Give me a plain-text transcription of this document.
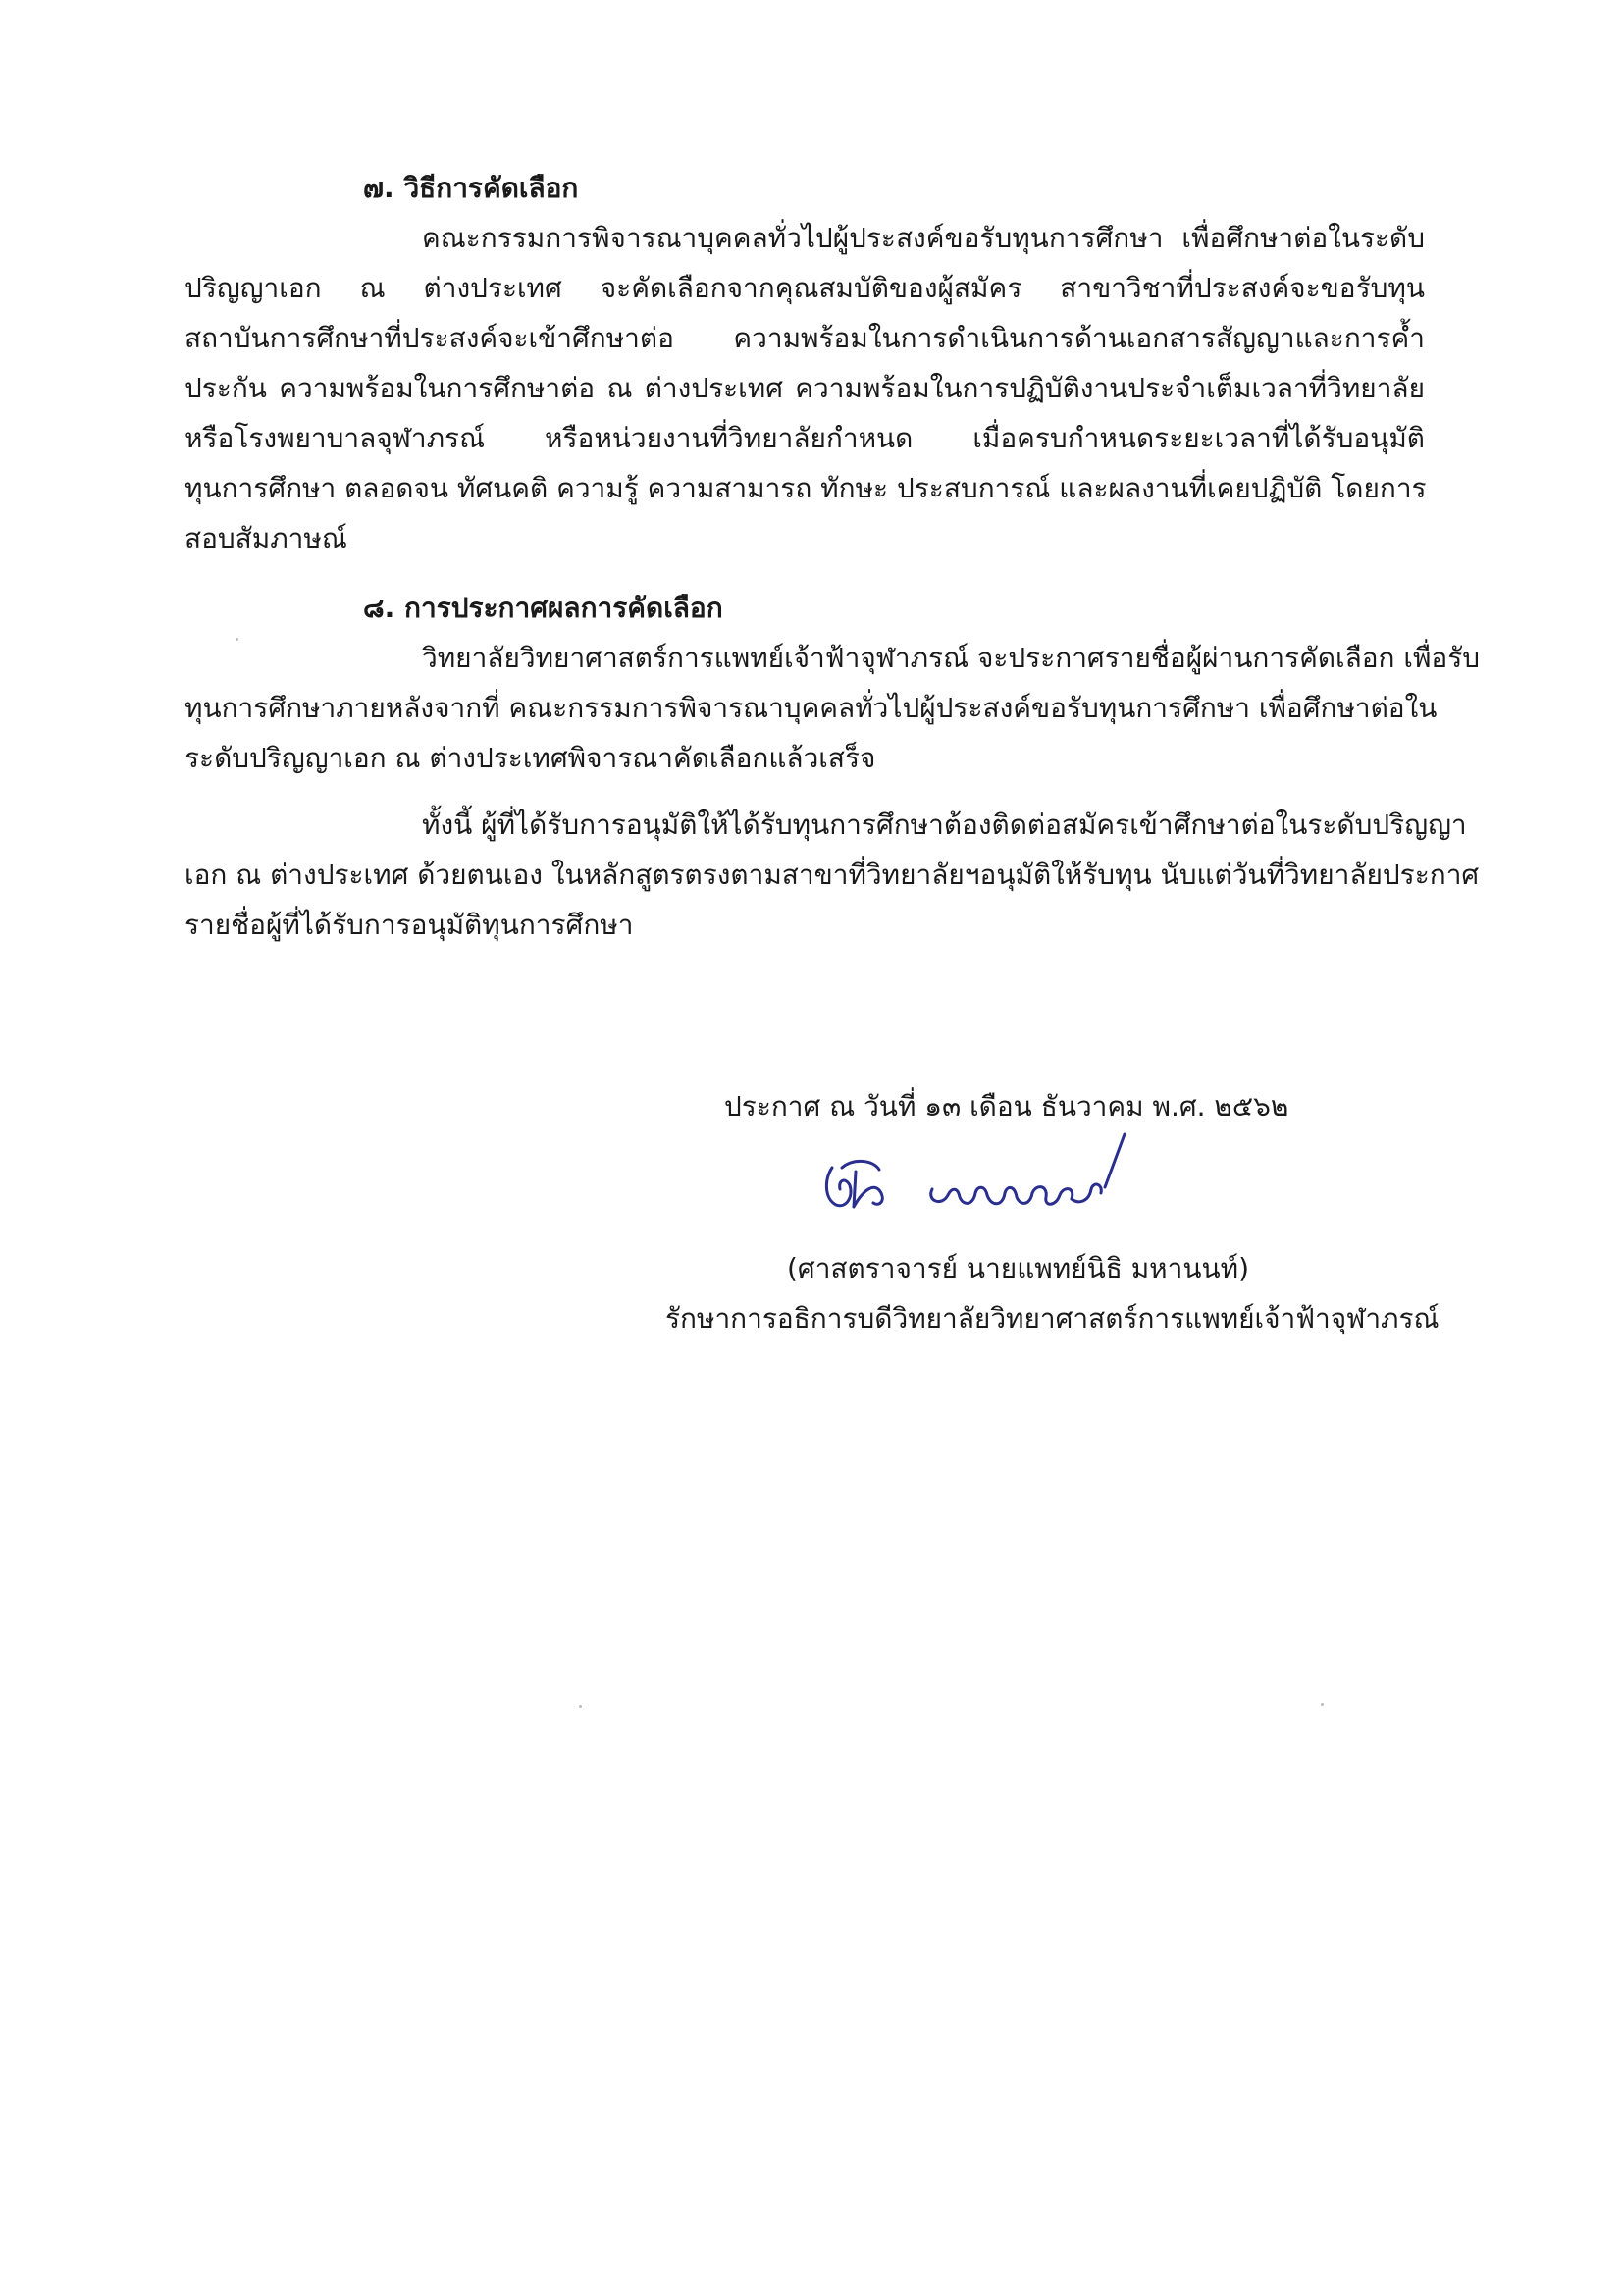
๗. วิธีการคัดเลือก
คณะกรรมการพิจารณาบุคคลทั่วไปผู้ประสงค์ขอรับทุนการศึกษา เพื่อศึกษาต่อในระดับ
ปริญญาเอก ณ ต่างประเทศ จะคัดเลือกจากคุณสมบัติของผู้สมัคร สาขาวิชาที่ประสงค์จะขอรับทุน
สถาบันการศึกษาที่ประสงค์จะเข้าศึกษาต่อ ความพร้อมในการดำเนินการด้านเอกสารสัญญาและการค้ำ
ประกัน ความพร้อมในการศึกษาต่อ ณ ต่างประเทศ ความพร้อมในการปฏิบัติงานประจำเต็มเวลาที่วิทยาลัย
หรือโรงพยาบาลจุฬาภรณ์ หรือหน่วยงานที่วิทยาลัยกำหนด เมื่อครบกำหนดระยะเวลาที่ได้รับอนุมัติ
ทุนการศึกษา ตลอดจน ทัศนคติ ความรู้ ความสามารถ ทักษะ ประสบการณ์ และผลงานที่เคยปฏิบัติ โดยการ
สอบสัมภาษณ์
๘. การประกาศผลการคัดเลือก
วิทยาลัยวิทยาศาสตร์การแพทย์เจ้าฟ้าจุฬาภรณ์ จะประกาศรายชื่อผู้ผ่านการคัดเลือก เพื่อรับ
ทุนการศึกษาภายหลังจากที่ คณะกรรมการพิจารณาบุคคลทั่วไปผู้ประสงค์ขอรับทุนการศึกษา เพื่อศึกษาต่อใน
ระดับปริญญาเอก ณ ต่างประเทศพิจารณาคัดเลือกแล้วเสร็จ
ทั้งนี้ ผู้ที่ได้รับการอนุมัติให้ได้รับทุนการศึกษาต้องติดต่อสมัครเข้าศึกษาต่อในระดับปริญญา
เอก ณ ต่างประเทศ ด้วยตนเอง ในหลักสูตรตรงตามสาขาที่วิทยาลัยฯอนุมัติให้รับทุน นับแต่วันที่วิทยาลัยประกาศ
รายชื่อผู้ที่ได้รับการอนุมัติทุนการศึกษา
ประกาศ ณ วันที่ ๑๓ เดือน ธันวาคม พ.ศ. ๒๕๖๒
(ศาสตราจารย์ นายแพทย์นิธิ มหานนท์)
รักษาการอธิการบดีวิทยาลัยวิทยาศาสตร์การแพทย์เจ้าฟ้าจุฬาภรณ์
